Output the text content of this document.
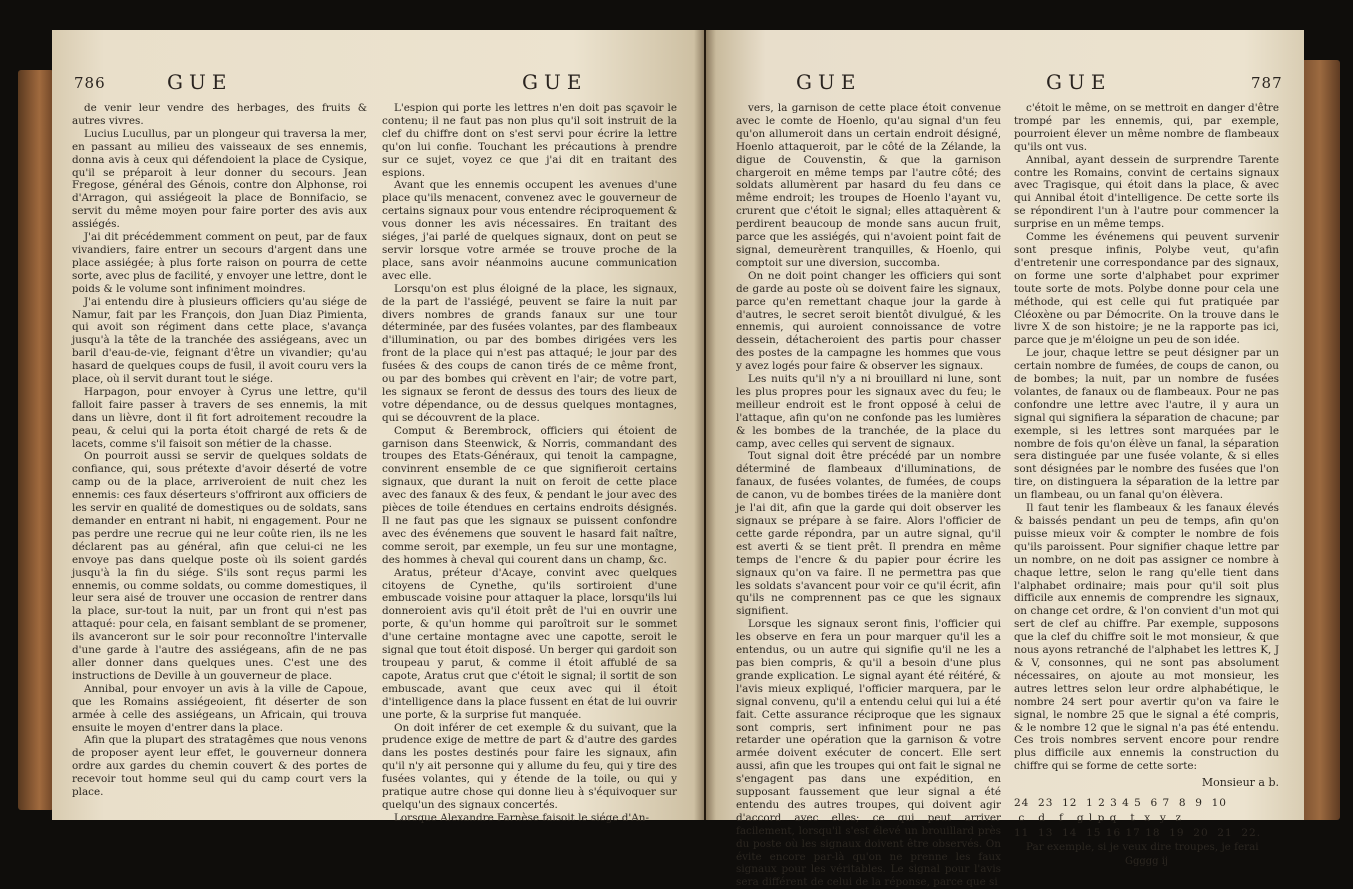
786	GUE	GUE

de venir leur vendre des herbages, des fruits & autres vivres.

Lucius Lucullus, par un plongeur qui traversa la mer, en passant au milieu des vaisseaux de ses ennemis, donna avis à ceux qui défendoient la place de Cysique, qu'il se préparoit à leur donner du secours. Jean Fregose, général des Génois, contre don Alphonse, roi d'Arragon, qui assiégeoit la place de Bonnifacio, se servit du même moyen pour faire porter des avis aux assiégés.

J'ai dit précédemment comment on peut, par de faux vivandiers, faire entrer un secours d'argent dans une place assiégée; à plus forte raison on pourra de cette sorte, avec plus de facilité, y envoyer une lettre, dont le poids & le volume sont infiniment moindres.

J'ai entendu dire à plusieurs officiers qu'au siége de Namur, fait par les François, don Juan Diaz Pimienta, qui avoit son régiment dans cette place, s'avança jusqu'à la tête de la tranchée des assiégeans, avec un baril d'eau-de-vie, feignant d'être un vivandier; qu'au hasard de quelques coups de fusil, il avoit couru vers la place, où il servit durant tout le siége.

Harpagon, pour envoyer à Cyrus une lettre, qu'il falloit faire passer à travers de ses ennemis, la mit dans un lièvre, dont il fit fort adroitement recoudre la peau, & celui qui la porta étoit chargé de rets & de lacets, comme s'il faisoit son métier de la chasse.

On pourroit aussi se servir de quelques soldats de confiance, qui, sous prétexte d'avoir déserté de votre camp ou de la place, arriveroient de nuit chez les ennemis: ces faux déserteurs s'offriront aux officiers de les servir en qualité de domestiques ou de soldats, sans demander en entrant ni habit, ni engagement. Pour ne pas perdre une recrue qui ne leur coûte rien, ils ne les déclarent pas au général, afin que celui-ci ne les envoye pas dans quelque poste où ils soient gardés jusqu'à la fin du siége. S'ils sont reçus parmi les ennemis, ou comme soldats, ou comme domestiques, il leur sera aisé de trouver une occasion de rentrer dans la place, sur-tout la nuit, par un front qui n'est pas attaqué: pour cela, en faisant semblant de se promener, ils avanceront sur le soir pour reconnoître l'intervalle d'une garde à l'autre des assiégeans, afin de ne pas aller donner dans quelques unes. C'est une des instructions de Deville à un gouverneur de place.

Annibal, pour envoyer un avis à la ville de Capoue, que les Romains assiégeoient, fit déserter de son armée à celle des assiégeans, un Africain, qui trouva ensuite le moyen d'entrer dans la place.

Afin que la plupart des stratagêmes que nous venons de proposer ayent leur effet, le gouverneur donnera ordre aux gardes du chemin couvert & des portes de recevoir tout homme seul qui du camp court vers la place.

L'espion qui porte les lettres n'en doit pas sçavoir le contenu; il ne faut pas non plus qu'il soit instruit de la clef du chiffre dont on s'est servi pour écrire la lettre qu'on lui confie. Touchant les précautions à prendre sur ce sujet, voyez ce que j'ai dit en traitant des espions.

Avant que les ennemis occupent les avenues d'une place qu'ils menacent, convenez avec le gouverneur de certains signaux pour vous entendre réciproquement & vous donner les avis nécessaires. En traitant des siéges, j'ai parlé de quelques signaux, dont on peut se servir lorsque votre armée se trouve proche de la place, sans avoir néanmoins aucune communication avec elle.

Lorsqu'on est plus éloigné de la place, les signaux, de la part de l'assiégé, peuvent se faire la nuit par divers nombres de grands fanaux sur une tour déterminée, par des fusées volantes, par des flambeaux d'illumination, ou par des bombes dirigées vers les front de la place qui n'est pas attaqué; le jour par des fusées & des coups de canon tirés de ce même front, ou par des bombes qui crèvent en l'air; de votre part, les signaux se feront de dessus des tours des lieux de votre dépendance, ou de dessus quelques montagnes, qui se découvrent de la place.

Comput & Berembrock, officiers qui étoient de garnison dans Steenwick, & Norris, commandant des troupes des Etats-Généraux, qui tenoit la campagne, convinrent ensemble de ce que signifieroit certains signaux, que durant la nuit on feroit de cette place avec des fanaux & des feux, & pendant le jour avec des pièces de toile étendues en certains endroits désignés. Il ne faut pas que les signaux se puissent confondre avec des événemens que souvent le hasard fait naître, comme seroit, par exemple, un feu sur une montagne, des hommes à cheval qui courent dans un champ, &c.

Aratus, préteur d'Acaye, convint avec quelques citoyens de Cynethe, qu'ils sortiroient d'une embuscade voisine pour attaquer la place, lorsqu'ils lui donneroient avis qu'il étoit prêt de l'ui en ouvrir une porte, & qu'un homme qui paroîtroit sur le sommet d'une certaine montagne avec une capotte, seroit le signal que tout étoit disposé. Un berger qui gardoit son troupeau y parut, & comme il étoit affublé de sa capote, Aratus crut que c'étoit le signal; il sortit de son embuscade, avant que ceux avec qui il étoit d'intelligence dans la place fussent en état de lui ouvrir une porte, & la surprise fut manquée.

On doit inférer de cet exemple & du suivant, que la prudence exige de mettre de part & d'autre des gardes dans les postes destinés pour faire les signaux, afin qu'il n'y ait personne qui y allume du feu, qui y tire des fusées volantes, qui y étende de la toile, ou qui y pratique autre chose qui donne lieu à s'équivoquer sur quelqu'un des signaux concertés.

Lorsque Alexandre Farnèse faisoit le siége d'An-

GUE	GUE	787

vers, la garnison de cette place étoit convenue avec le comte de Hoenlo, qu'au signal d'un feu qu'on allumeroit dans un certain endroit désigné, Hoenlo attaqueroit, par le côté de la Zélande, la digue de Couvenstin, & que la garnison chargeroit en même temps par l'autre côté; des soldats allumèrent par hasard du feu dans ce même endroit; les troupes de Hoenlo l'ayant vu, crurent que c'étoit le signal; elles attaquèrent & perdirent beaucoup de monde sans aucun fruit, parce que les assiégés, qui n'avoient point fait de signal, demeurèrent tranquilles, & Hoenlo, qui comptoit sur une diversion, succomba.

On ne doit point changer les officiers qui sont de garde au poste où se doivent faire les signaux, parce qu'en remettant chaque jour la garde à d'autres, le secret seroit bientôt divulgué, & les ennemis, qui auroient connoissance de votre dessein, détacheroient des partis pour chasser des postes de la campagne les hommes que vous y avez logés pour faire & observer les signaux.

Les nuits qu'il n'y a ni brouillard ni lune, sont les plus propres pour les signaux avec du feu; le meilleur endroit est le front opposé à celui de l'attaque, afin qu'on ne confonde pas les lumières & les bombes de la tranchée, de la place du camp, avec celles qui servent de signaux.

Tout signal doit être précédé par un nombre déterminé de flambeaux d'illuminations, de fanaux, de fusées volantes, de fumées, de coups de canon, vu de bombes tirées de la manière dont je l'ai dit, afin que la garde qui doit observer les signaux se prépare à se faire. Alors l'officier de cette garde répondra, par un autre signal, qu'il est averti & se tient prêt. Il prendra en même temps de l'encre & du papier pour écrire les signaux qu'on va faire. Il ne permettra pas que les soldats s'avancent pour voir ce qu'il écrit, afin qu'ils ne comprennent pas ce que les signaux signifient.

Lorsque les signaux seront finis, l'officier qui les observe en fera un pour marquer qu'il les a entendus, ou un autre qui signifie qu'il ne les a pas bien compris, & qu'il a besoin d'une plus grande explication. Le signal ayant été réitéré, & l'avis mieux expliqué, l'officier marquera, par le signal convenu, qu'il a entendu celui qui lui a été fait. Cette assurance réciproque que les signaux sont compris, sert infiniment pour ne pas retarder une opération que la garnison & votre armée doivent exécuter de concert. Elle sert aussi, afin que les troupes qui ont fait le signal ne s'engagent pas dans une expédition, en supposant faussement que leur signal a été entendu des autres troupes, qui doivent agir d'accord avec elles; ce qui peut arriver facilement, lorsqu'il s'est élevé un brouillard près du poste où les signaux doivent être observés. On évite encore par-là qu'on ne prenne les faux signaux pour les véritables. Le signal pour l'avis sera différent de celui de la réponse, parce que si

c'étoit le même, on se mettroit en danger d'être trompé par les ennemis, qui, par exemple, pourroient élever un même nombre de flambeaux qu'ils ont vus.

Annibal, ayant dessein de surprendre Tarente contre les Romains, convint de certains signaux avec Tragisque, qui étoit dans la place, & avec qui Annibal étoit d'intelligence. De cette sorte ils se répondirent l'un à l'autre pour commencer la surprise en un même temps.

Comme les événemens qui peuvent survenir sont presque infinis, Polybe veut, qu'afin d'entretenir une correspondance par des signaux, on forme une sorte d'alphabet pour exprimer toute sorte de mots. Polybe donne pour cela une méthode, qui est celle qui fut pratiquée par Cléoxène ou par Démocrite. On la trouve dans le livre X de son histoire; je ne la rapporte pas ici, parce que je m'éloigne un peu de son idée.

Le jour, chaque lettre se peut désigner par un certain nombre de fumées, de coups de canon, ou de bombes; la nuit, par un nombre de fusées volantes, de fanaux ou de flambeaux. Pour ne pas confondre une lettre avec l'autre, il y aura un signal qui signifiera la séparation de chacune; par exemple, si les lettres sont marquées par le nombre de fois qu'on élève un fanal, la séparation sera distinguée par une fusée volante, & si elles sont désignées par le nombre des fusées que l'on tire, on distinguera la séparation de la lettre par un flambeau, ou un fanal qu'on élèvera.

Il faut tenir les flambeaux & les fanaux élevés & baissés pendant un peu de temps, afin qu'on puisse mieux voir & compter le nombre de fois qu'ils paroissent. Pour signifier chaque lettre par un nombre, on ne doit pas assigner ce nombre à chaque lettre, selon le rang qu'elle tient dans l'alphabet ordinaire; mais pour qu'il soit plus difficile aux ennemis de comprendre les signaux, on change cet ordre, & l'on convient d'un mot qui sert de clef au chiffre. Par exemple, supposons que la clef du chiffre soit le mot monsieur, & que nous ayons retranché de l'alphabet les lettres K, J & V, consonnes, qui ne sont pas absolument nécessaires, on ajoute au mot monsieur, les autres lettres selon leur ordre alphabétique, le nombre 24 sert pour avertir qu'on va faire le signal, le nombre 25 que le signal a été compris, & le nombre 12 que le signal n'a pas été entendu. Ces trois nombres servent encore pour rendre plus difficile aux ennemis la construction du chiffre qui se forme de cette sorte:

Monsieur a b.
24  23  12  1 2 3 4 5  6 7  8  9  10
c   d   f   g l p q   t  x  y  z
11  13  14  15 16 17 18  19  20  21  22.

Par exemple, si je veux dire troupes, je ferai

Ggggg ij
